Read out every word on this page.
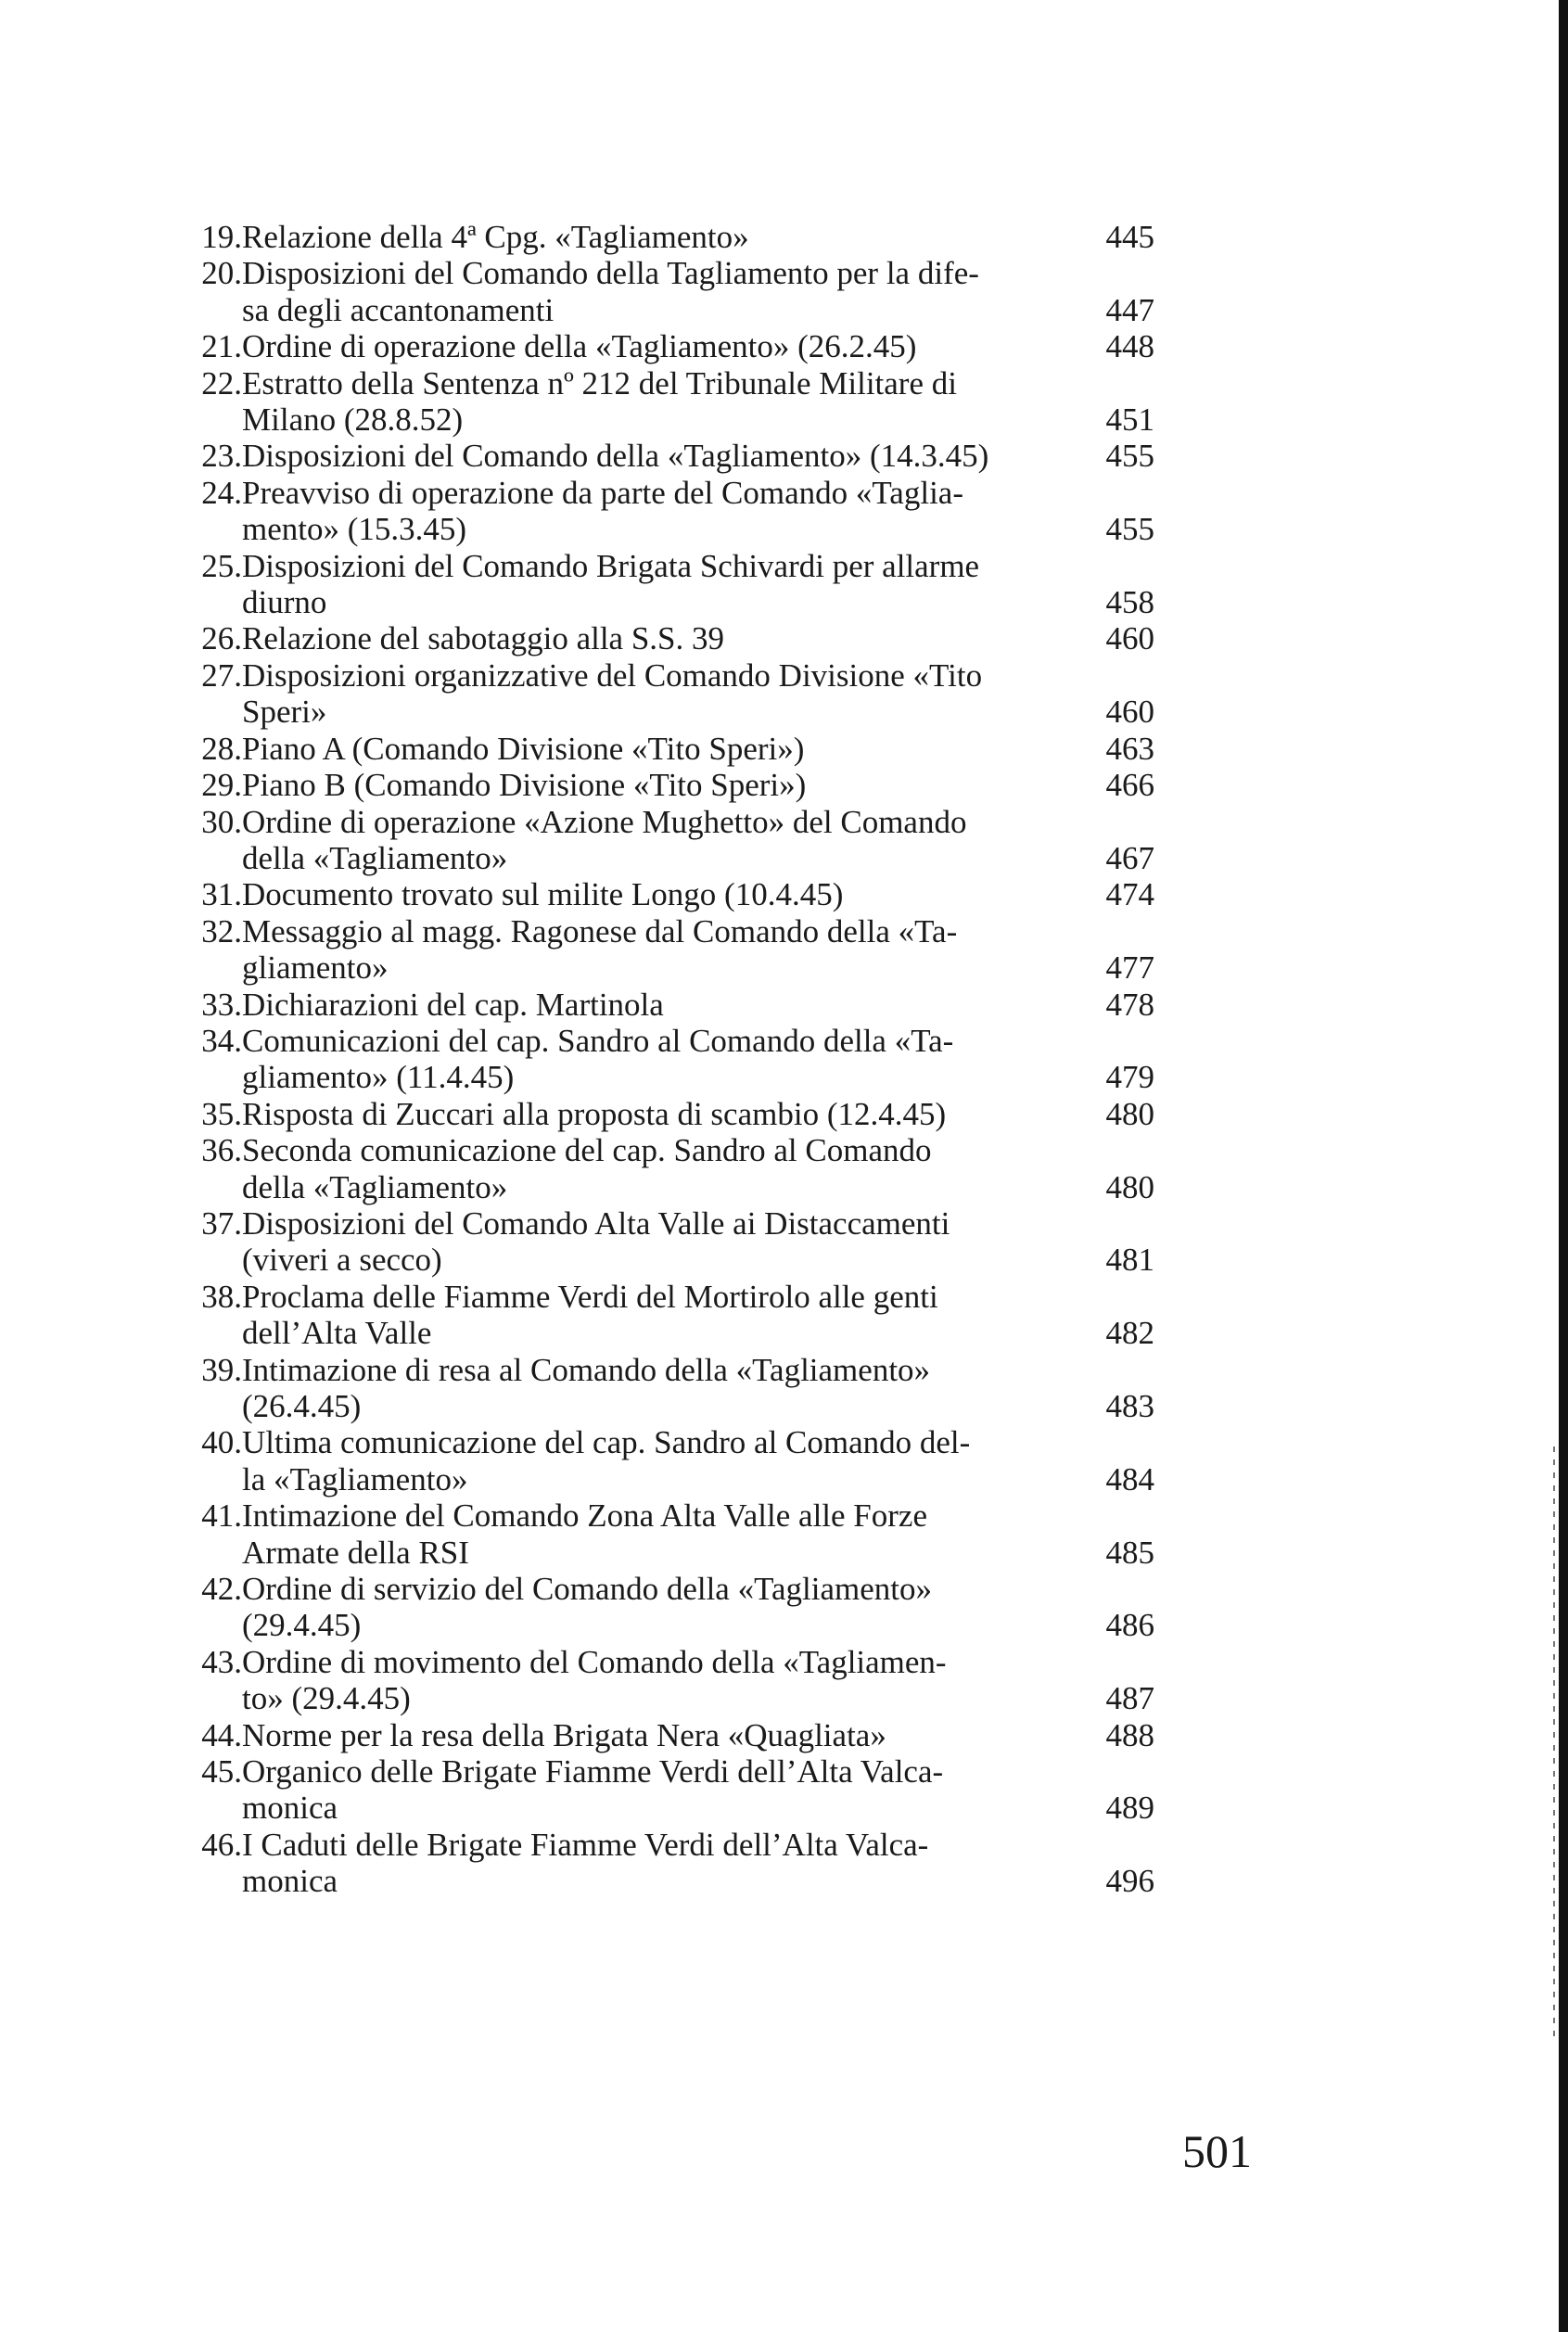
19. Relazione della 4ª Cpg. «Tagliamento»	445
20. Disposizioni del Comando della Tagliamento per la dife-
sa degli accantonamenti	447
21. Ordine di operazione della «Tagliamento» (26.2.45)	448
22. Estratto della Sentenza nº 212 del Tribunale Militare di
Milano (28.8.52)	451
23. Disposizioni del Comando della «Tagliamento» (14.3.45)	455
24. Preavviso di operazione da parte del Comando «Taglia-
mento» (15.3.45)	455
25. Disposizioni del Comando Brigata Schivardi per allarme
diurno	458
26. Relazione del sabotaggio alla S.S. 39	460
27. Disposizioni organizzative del Comando Divisione «Tito
Speri»	460
28. Piano A (Comando Divisione «Tito Speri»)	463
29. Piano B (Comando Divisione «Tito Speri»)	466
30. Ordine di operazione «Azione Mughetto» del Comando
della «Tagliamento»	467
31. Documento trovato sul milite Longo (10.4.45)	474
32. Messaggio al magg. Ragonese dal Comando della «Ta-
gliamento»	477
33. Dichiarazioni del cap. Martinola	478
34. Comunicazioni del cap. Sandro al Comando della «Ta-
gliamento» (11.4.45)	479
35. Risposta di Zuccari alla proposta di scambio (12.4.45)	480
36. Seconda comunicazione del cap. Sandro al Comando
della «Tagliamento»	480
37. Disposizioni del Comando Alta Valle ai Distaccamenti
(viveri a secco)	481
38. Proclama delle Fiamme Verdi del Mortirolo alle genti
dell’Alta Valle	482
39. Intimazione di resa al Comando della «Tagliamento»
(26.4.45)	483
40. Ultima comunicazione del cap. Sandro al Comando del-
la «Tagliamento»	484
41. Intimazione del Comando Zona Alta Valle alle Forze
Armate della RSI	485
42. Ordine di servizio del Comando della «Tagliamento»
(29.4.45)	486
43. Ordine di movimento del Comando della «Tagliamen-
to» (29.4.45)	487
44. Norme per la resa della Brigata Nera «Quagliata»	488
45. Organico delle Brigate Fiamme Verdi dell’Alta Valca-
monica	489
46. I Caduti delle Brigate Fiamme Verdi dell’Alta Valca-
monica	496
501
